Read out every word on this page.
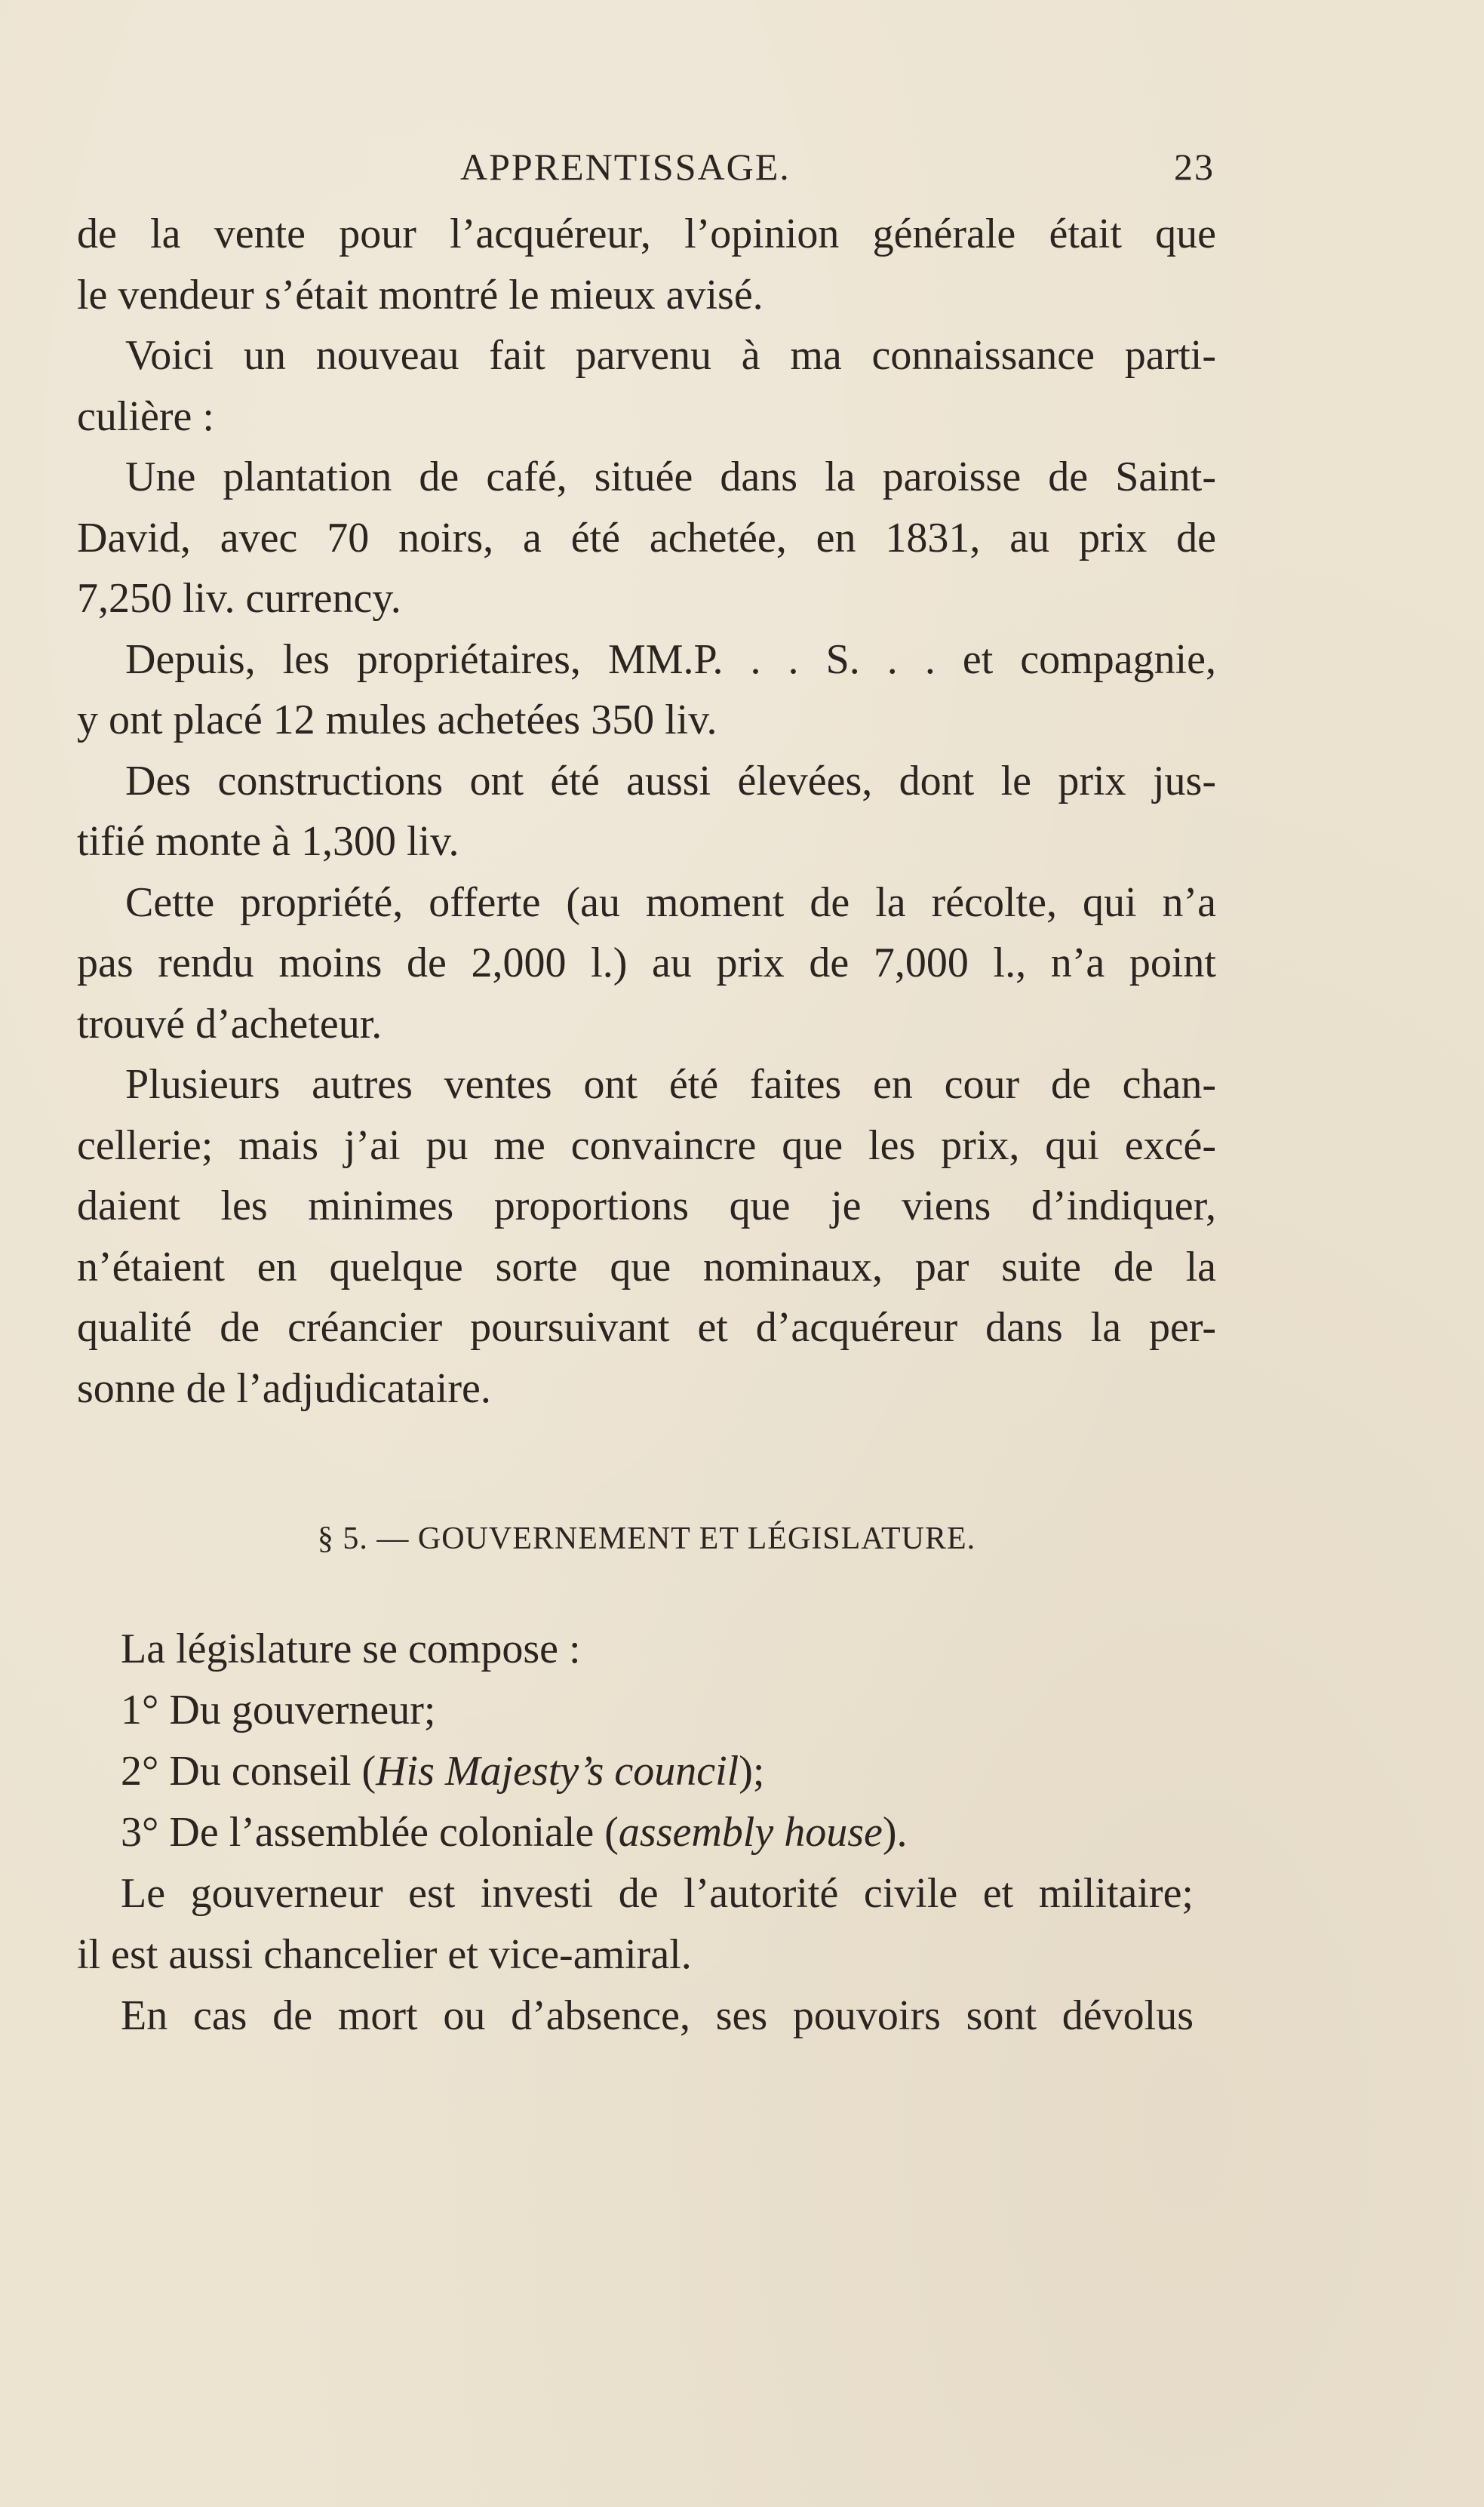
APPRENTISSAGE.	23
de la vente pour l’acquéreur, l’opinion générale était que
le vendeur s’était montré le mieux avisé.
Voici un nouveau fait parvenu à ma connaissance parti-
culière :
Une plantation de café, située dans la paroisse de Saint-
David, avec 70 noirs, a été achetée, en 1831, au prix de
7,250 liv. currency.
Depuis, les propriétaires, MM.P. . . S. . . et compagnie,
y ont placé 12 mules achetées 350 liv.
Des constructions ont été aussi élevées, dont le prix jus-
tifié monte à 1,300 liv.
Cette propriété, offerte (au moment de la récolte, qui n’a
pas rendu moins de 2,000 l.) au prix de 7,000 l., n’a point
trouvé d’acheteur.
Plusieurs autres ventes ont été faites en cour de chan-
cellerie; mais j’ai pu me convaincre que les prix, qui excé-
daient les minimes proportions que je viens d’indiquer,
n’étaient en quelque sorte que nominaux, par suite de la
qualité de créancier poursuivant et d’acquéreur dans la per-
sonne de l’adjudicataire.
§ 5. — GOUVERNEMENT ET LÉGISLATURE.
La législature se compose :
1° Du gouverneur;
2° Du conseil (His Majesty’s council);
3° De l’assemblée coloniale (assembly house).
Le gouverneur est investi de l’autorité civile et militaire;
il est aussi chancelier et vice-amiral.
En cas de mort ou d’absence, ses pouvoirs sont dévolus
